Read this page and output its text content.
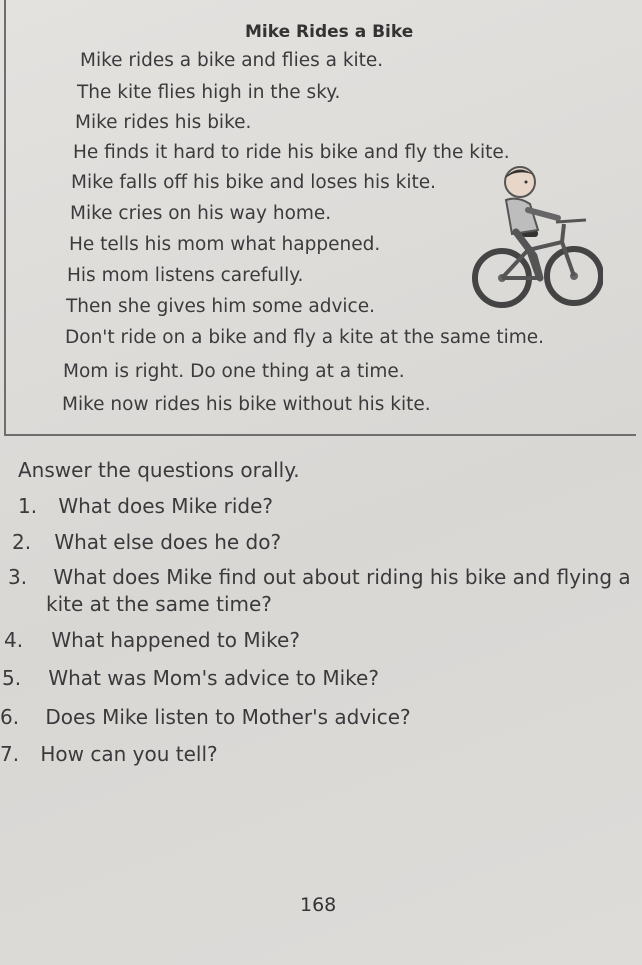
Mike Rides a Bike
Mike rides a bike and flies a kite.
The kite flies high in the sky.
Mike rides his bike.
He finds it hard to ride his bike and fly the kite.
Mike falls off his bike and loses his kite.
Mike cries on his way home.
He tells his mom what happened.
His mom listens carefully.
Then she gives him some advice.
Don't ride on a bike and fly a kite at the same time.
Mom is right. Do one thing at a time.
Mike now rides his bike without his kite.
Answer the questions orally.
1. What does Mike ride?
2. What else does he do?
3. What does Mike find out about riding his bike and flying a
kite at the same time?
4. What happened to Mike?
5. What was Mom's advice to Mike?
6. Does Mike listen to Mother's advice?
7. How can you tell?
168
